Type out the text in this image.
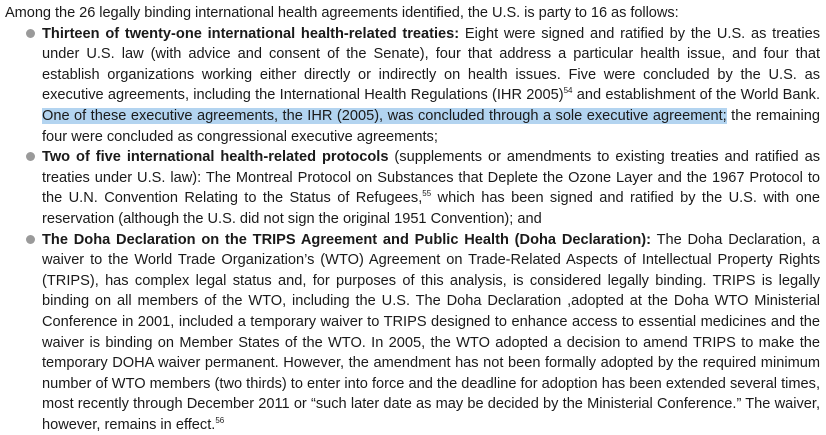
Among the 26 legally binding international health agreements identified, the U.S. is party to 16 as follows:

Thirteen of twenty-one international health-related treaties: Eight were signed and ratified by the U.S. as treaties under U.S. law (with advice and consent of the Senate), four that address a particular health issue, and four that establish organizations working either directly or indirectly on health issues. Five were concluded by the U.S. as executive agreements, including the International Health Regulations (IHR 2005)$^{54}$ and establishment of the World Bank. One of these executive agreements, the IHR (2005), was concluded through a sole executive agreement; the remaining four were concluded as congressional executive agreements;

Two of five international health-related protocols (supplements or amendments to existing treaties and ratified as treaties under U.S. law): The Montreal Protocol on Substances that Deplete the Ozone Layer and the 1967 Protocol to the U.N. Convention Relating to the Status of Refugees,$^{55}$ which has been signed and ratified by the U.S. with one reservation (although the U.S. did not sign the original 1951 Convention); and

The Doha Declaration on the TRIPS Agreement and Public Health (Doha Declaration): The Doha Declaration, a waiver to the World Trade Organization’s (WTO) Agreement on Trade-Related Aspects of Intellectual Property Rights (TRIPS), has complex legal status and, for purposes of this analysis, is considered legally binding. TRIPS is legally binding on all members of the WTO, including the U.S. The Doha Declaration ,adopted at the Doha WTO Ministerial Conference in 2001, included a temporary waiver to TRIPS designed to enhance access to essential medicines and the waiver is binding on Member States of the WTO. In 2005, the WTO adopted a decision to amend TRIPS to make the temporary DOHA waiver permanent. However, the amendment has not been formally adopted by the required minimum number of WTO members (two thirds) to enter into force and the deadline for adoption has been extended several times, most recently through December 2011 or “such later date as may be decided by the Ministerial Conference.” The waiver, however, remains in effect.$^{56}$
